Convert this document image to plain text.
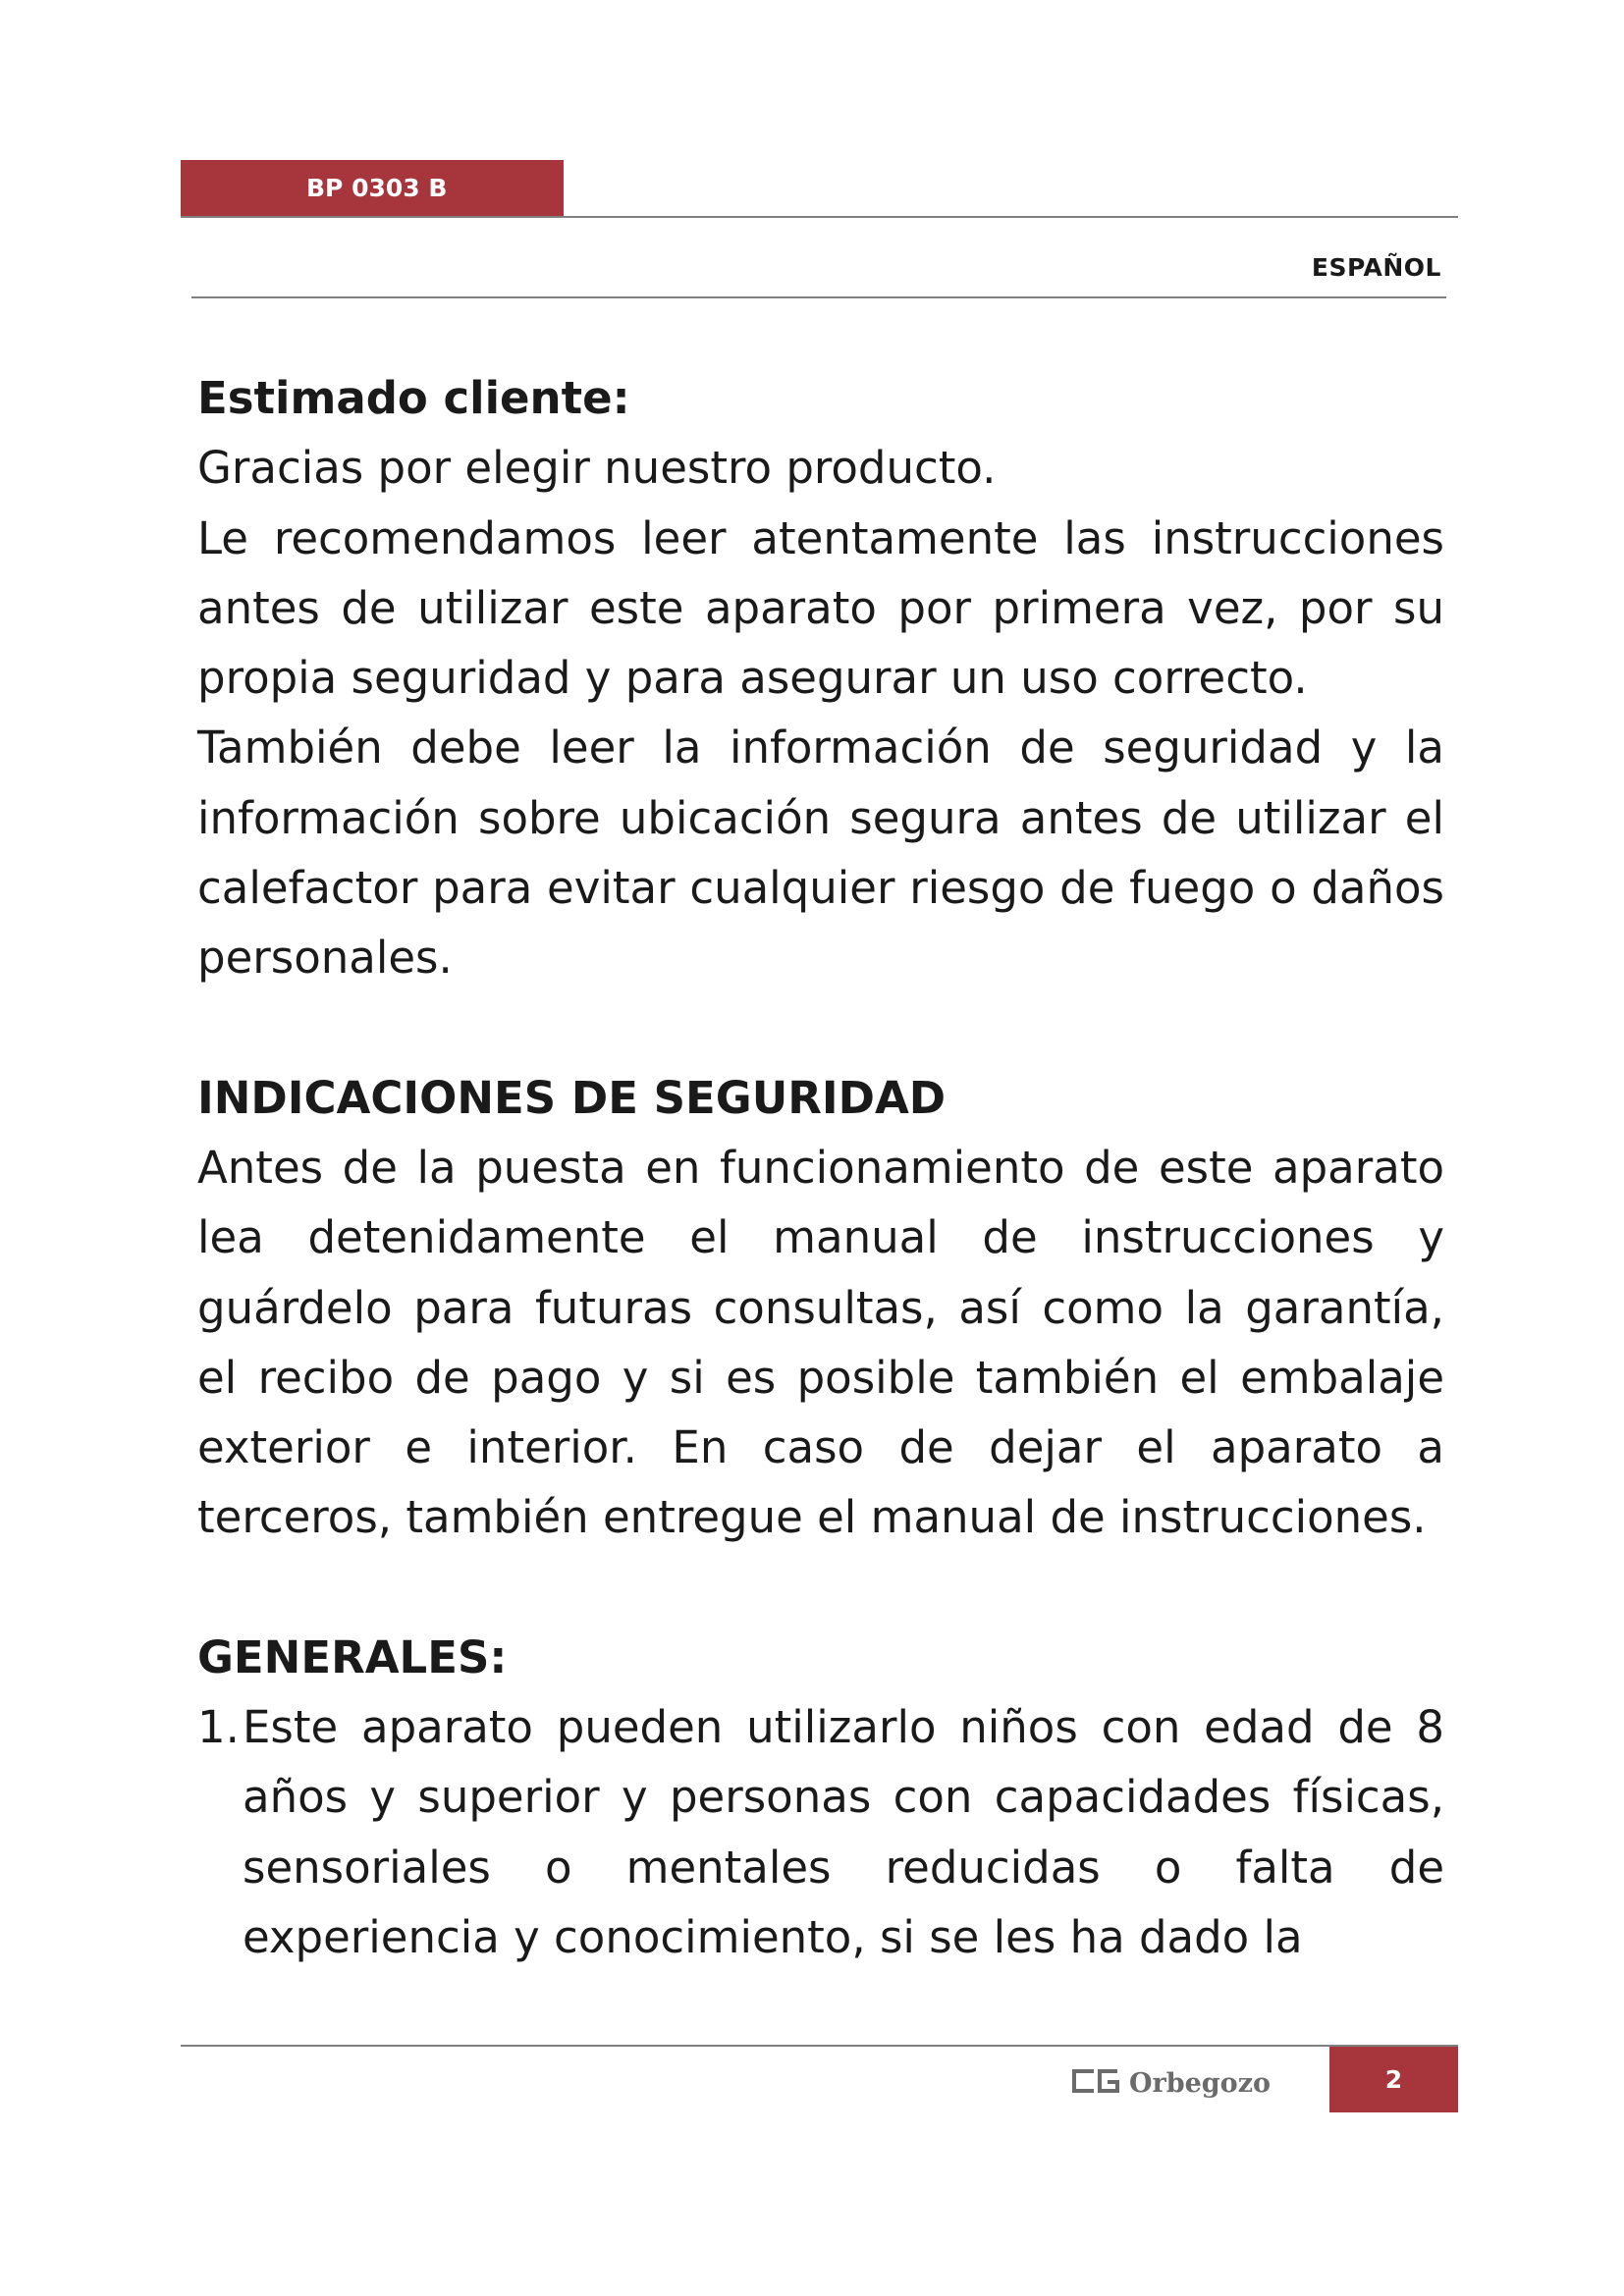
BP 0303 B
ESPAÑOL

Estimado cliente:

Gracias por elegir nuestro producto.

Le recomendamos leer atentamente las instrucciones antes de utilizar este aparato por primera vez, por su propia seguridad y para asegurar un uso correcto.

También debe leer la información de seguridad y la información sobre ubicación segura antes de utilizar el calefactor para evitar cualquier riesgo de fuego o daños personales.

INDICACIONES DE SEGURIDAD

Antes de la puesta en funcionamiento de este aparato lea detenidamente el manual de instrucciones y guárdelo para futuras consultas, así como la garantía, el recibo de pago y si es posible también el embalaje exterior e interior. En caso de dejar el aparato a terceros, también entregue el manual de instrucciones.

GENERALES:

1. Este aparato pueden utilizarlo niños con edad de 8 años y superior y personas con capacidades físicas, sensoriales o mentales reducidas o falta de experiencia y conocimiento, si se les ha dado la
Orbegozo	2
